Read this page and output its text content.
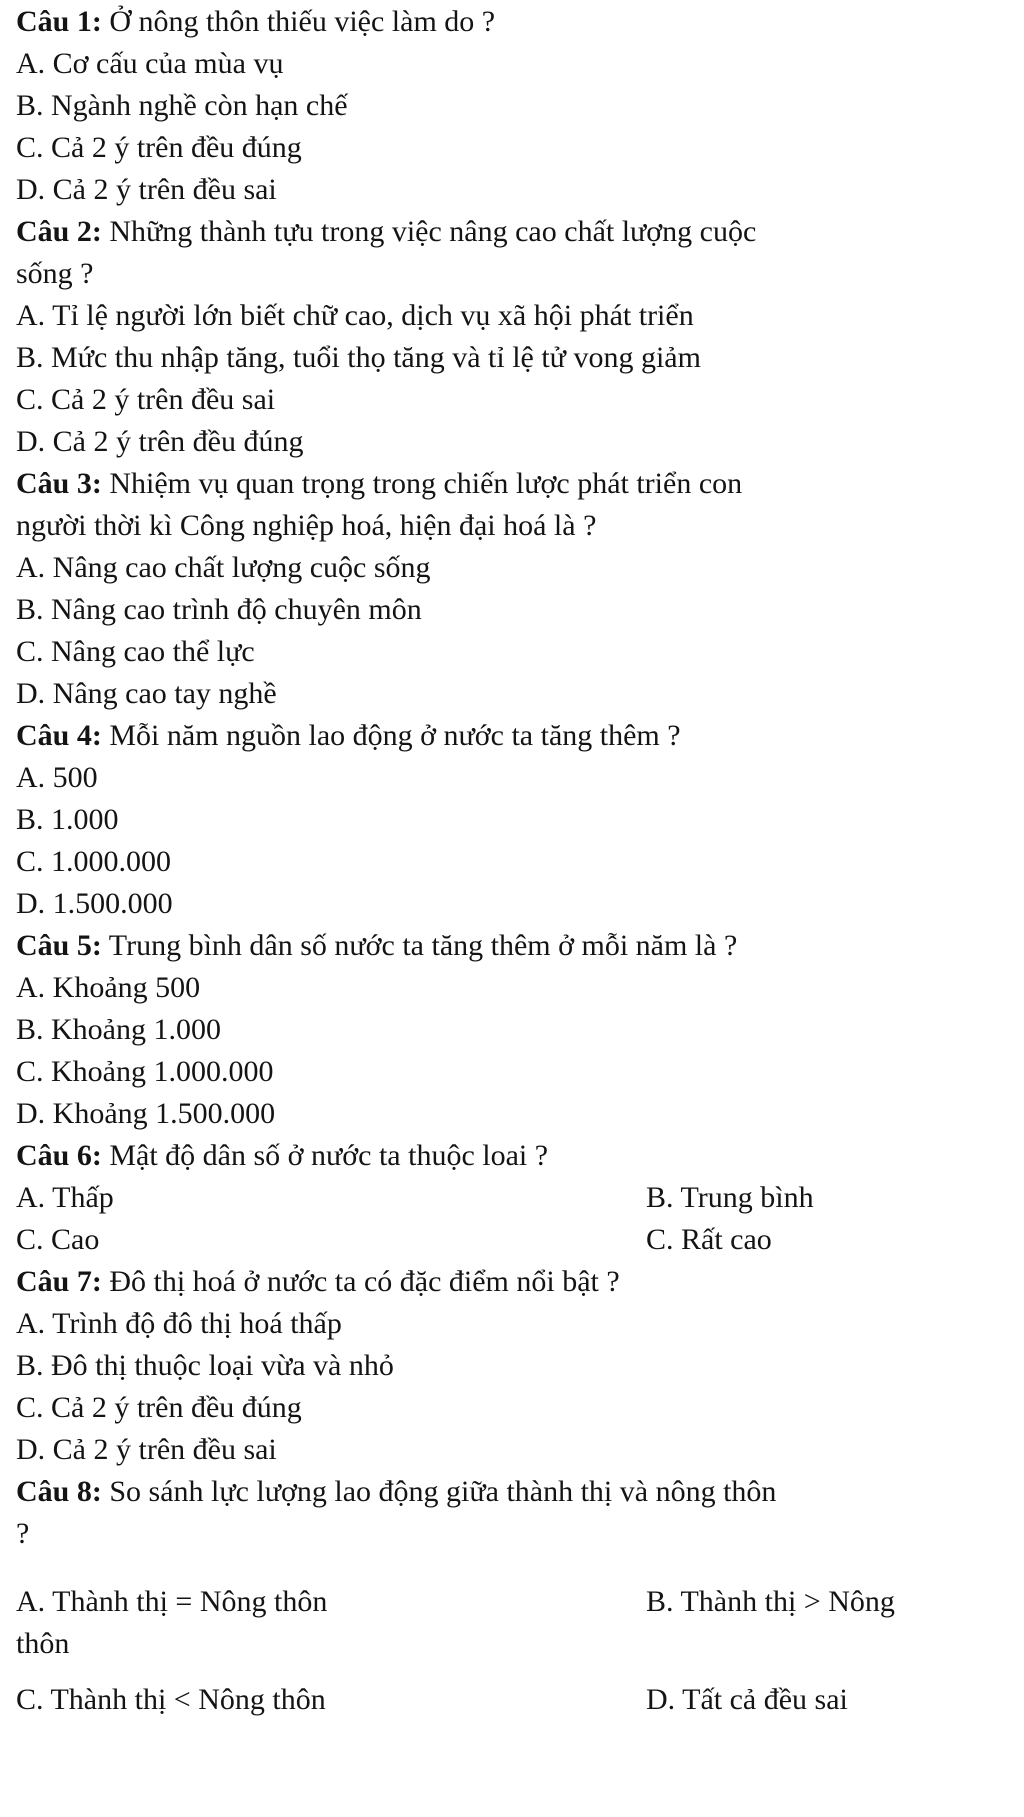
Câu 1: Ở nông thôn thiếu việc làm do ?
A. Cơ cấu của mùa vụ
B. Ngành nghề còn hạn chế
C. Cả 2 ý trên đều đúng
D. Cả 2 ý trên đều sai
Câu 2: Những thành tựu trong việc nâng cao chất lượng cuộc
sống ?
A. Tỉ lệ người lớn biết chữ cao, dịch vụ xã hội phát triển
B. Mức thu nhập tăng, tuổi thọ tăng và tỉ lệ tử vong giảm
C. Cả 2 ý trên đều sai
D. Cả 2 ý trên đều đúng
Câu 3: Nhiệm vụ quan trọng trong chiến lược phát triển con
người thời kì Công nghiệp hoá, hiện đại hoá là ?
A. Nâng cao chất lượng cuộc sống
B. Nâng cao trình độ chuyên môn
C. Nâng cao thể lực
D. Nâng cao tay nghề
Câu 4: Mỗi năm nguồn lao động ở nước ta tăng thêm ?
A. 500
B. 1.000
C. 1.000.000
D. 1.500.000
Câu 5: Trung bình dân số nước ta tăng thêm ở mỗi năm là ?
A. Khoảng 500
B. Khoảng 1.000
C. Khoảng 1.000.000
D. Khoảng 1.500.000
Câu 6: Mật độ dân số ở nước ta thuộc loai ?
A. Thấp	B. Trung bình
C. Cao	C. Rất cao
Câu 7: Đô thị hoá ở nước ta có đặc điểm nổi bật ?
A. Trình độ đô thị hoá thấp
B. Đô thị thuộc loại vừa và nhỏ
C. Cả 2 ý trên đều đúng
D. Cả 2 ý trên đều sai
Câu 8: So sánh lực lượng lao động giữa thành thị và nông thôn
?
A. Thành thị = Nông thôn	B. Thành thị > Nông
thôn
C. Thành thị < Nông thôn	D. Tất cả đều sai
